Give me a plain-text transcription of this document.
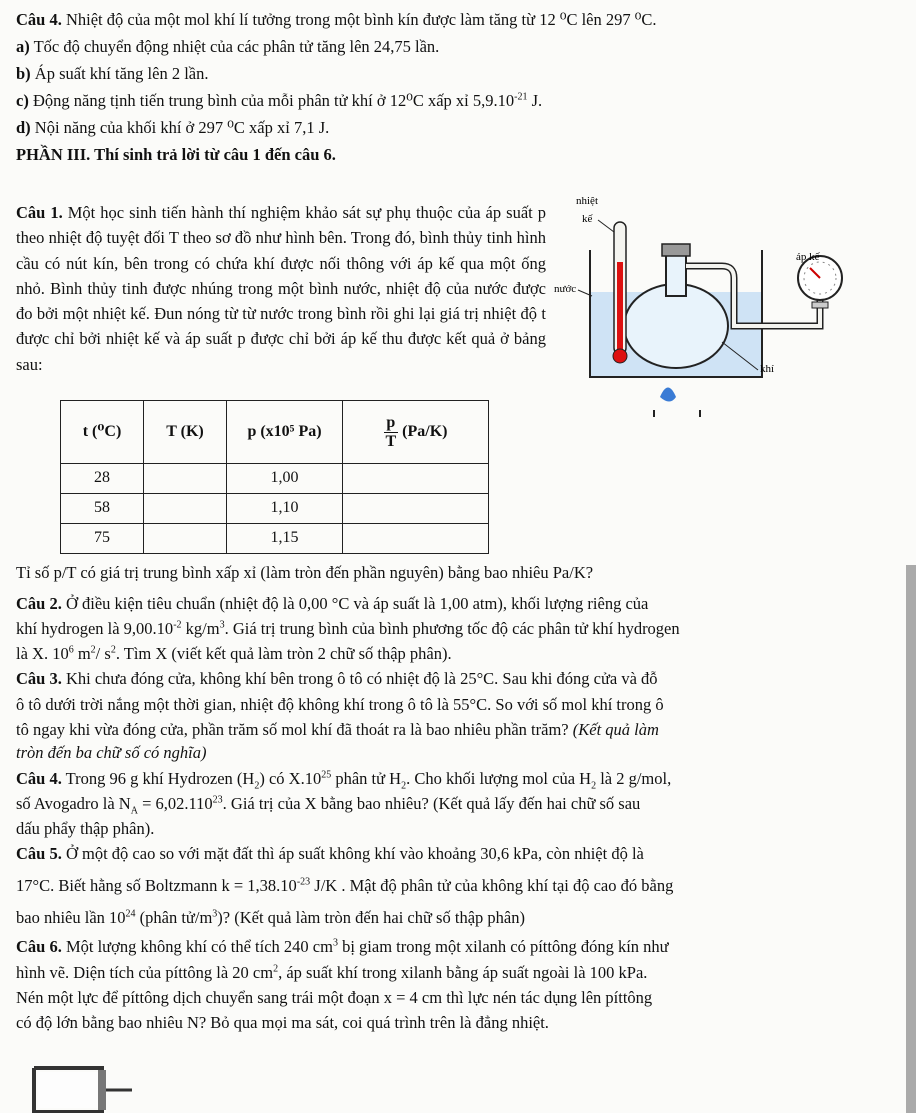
Câu 4. Nhiệt độ của một mol khí lí tưởng trong một bình kín được làm tăng từ 12 ⁰C lên 297 ⁰C.
a) Tốc độ chuyển động nhiệt của các phân tử tăng lên 24,75 lần.
b) Áp suất khí tăng lên 2 lần.
c) Động năng tịnh tiến trung bình của mỗi phân tử khí ở 12⁰C xấp xỉ $5,9.10^{-21}$ J.
d) Nội năng của khối khí ở 297 ⁰C xấp xỉ 7,1 J.
PHẦN III. Thí sinh trả lời từ câu 1 đến câu 6.

Câu 1. Một học sinh tiến hành thí nghiệm khảo sát sự phụ thuộc của áp suất p theo nhiệt độ tuyệt đối T theo sơ đồ như hình bên. Trong đó, bình thủy tinh hình cầu có nút kín, bên trong có chứa khí được nối thông với áp kế qua một ống nhỏ. Bình thủy tinh được nhúng trong một bình nước, nhiệt độ của nước được đo bởi một nhiệt kế. Đun nóng từ từ nước trong bình rồi ghi lại giá trị nhiệt độ t được chỉ bởi nhiệt kế và áp suất p được chỉ bởi áp kế thu được kết quả ở bảng sau:

nhiệt
kế
nước
áp kế
khí
t (⁰C)	T (K)	p (x10⁵ Pa)	$\frac{p}{T} (Pa/K)$
28		1,00	
58		1,10	
75		1,15	
Tỉ số p/T có giá trị trung bình xấp xỉ (làm tròn đến phần nguyên) bằng bao nhiêu Pa/K?
Câu 2. Ở điều kiện tiêu chuẩn (nhiệt độ là 0,00 °C và áp suất là 1,00 atm), khối lượng riêng của
khí hydrogen là $9,00.10^{-2}$ $kg/m^3$. Giá trị trung bình của bình phương tốc độ các phân tử khí hydrogen
là X. $10^6$ $m^2/$ $s^2$. Tìm X (viết kết quả làm tròn 2 chữ số thập phân).
Câu 3. Khi chưa đóng cửa, không khí bên trong ô tô có nhiệt độ là 25°C. Sau khi đóng cửa và đỗ
ô tô dưới trời nắng một thời gian, nhiệt độ không khí trong ô tô là 55°C. So với số mol khí trong ô
tô ngay khi vừa đóng cửa, phần trăm số mol khí đã thoát ra là bao nhiêu phần trăm? (Kết quả làm
tròn đến ba chữ số có nghĩa)
Câu 4. Trong 96 g khí Hydrozen $(H_2)$ có $X.10^{25}$ phân tử $H_2$. Cho khối lượng mol của $H_2$ là 2 g/mol,
số Avogadro là $N_A = 6,02.110^{23}$. Giá trị của X bằng bao nhiêu? (Kết quả lấy đến hai chữ số sau
dấu phẩy thập phân).
Câu 5. Ở một độ cao so với mặt đất thì áp suất không khí vào khoảng 30,6 kPa, còn nhiệt độ là
17°C. Biết hằng số Boltzmann $k = 1,38.10^{-23}$ J/K . Mật độ phân tử của không khí tại độ cao đó bằng
bao nhiêu lần $10^{24}$ (phân $tử/m^3$)? (Kết quả làm tròn đến hai chữ số thập phân)
Câu 6. Một lượng không khí có thể tích 240 $cm^3$ bị giam trong một xilanh có píttông đóng kín như
hình vẽ. Diện tích của píttông là 20 $cm^2$, áp suất khí trong xilanh bằng áp suất ngoài là 100 kPa.
Nén một lực để píttông dịch chuyển sang trái một đoạn x = 4 cm thì lực nén tác dụng lên píttông
có độ lớn bằng bao nhiêu N? Bỏ qua mọi ma sát, coi quá trình trên là đẳng nhiệt.
